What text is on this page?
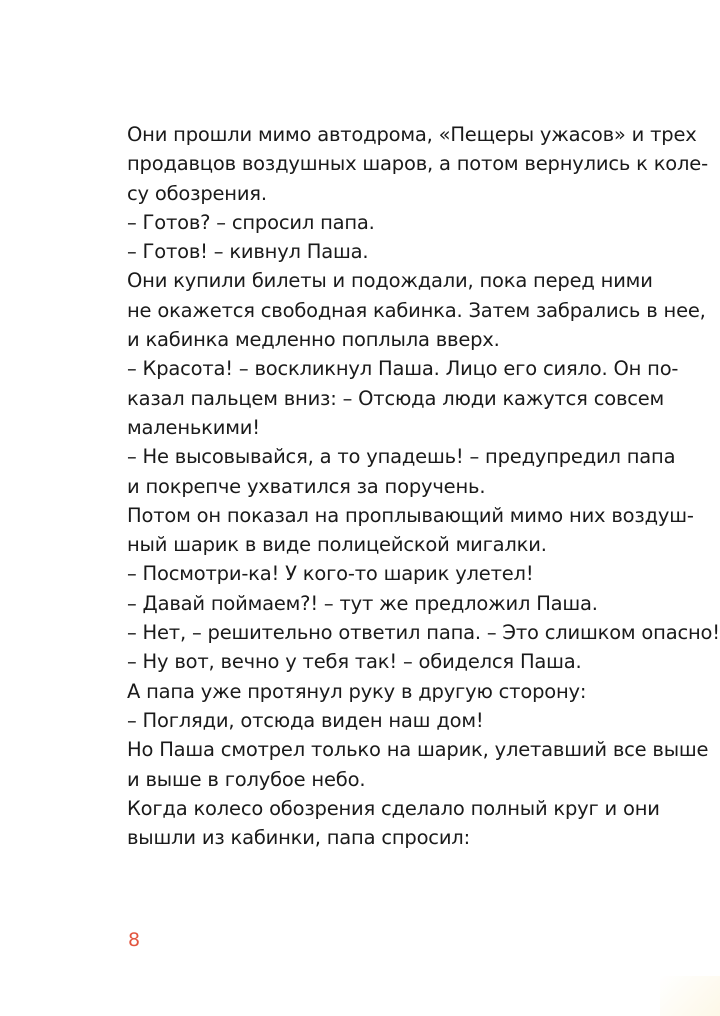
Они прошли мимо автодрома, «Пещеры ужасов» и трех
продавцов воздушных шаров, а потом вернулись к коле-
су обозрения.
– Готов? – спросил папа.
– Готов! – кивнул Паша.
Они купили билеты и подождали, пока перед ними
не окажется свободная кабинка. Затем забрались в нее,
и кабинка медленно поплыла вверх.
– Красота! – воскликнул Паша. Лицо его сияло. Он по-
казал пальцем вниз: – Отсюда люди кажутся совсем
маленькими!
– Не высовывайся, а то упадешь! – предупредил папа
и покрепче ухватился за поручень.
Потом он показал на проплывающий мимо них воздуш-
ный шарик в виде полицейской мигалки.
– Посмотри-ка! У кого-то шарик улетел!
– Давай поймаем?! – тут же предложил Паша.
– Нет, – решительно ответил папа. – Это слишком опасно!
– Ну вот, вечно у тебя так! – обиделся Паша.
А папа уже протянул руку в другую сторону:
– Погляди, отсюда виден наш дом!
Но Паша смотрел только на шарик, улетавший все выше
и выше в голубое небо.
Когда колесо обозрения сделало полный круг и они
вышли из кабинки, папа спросил:
8
